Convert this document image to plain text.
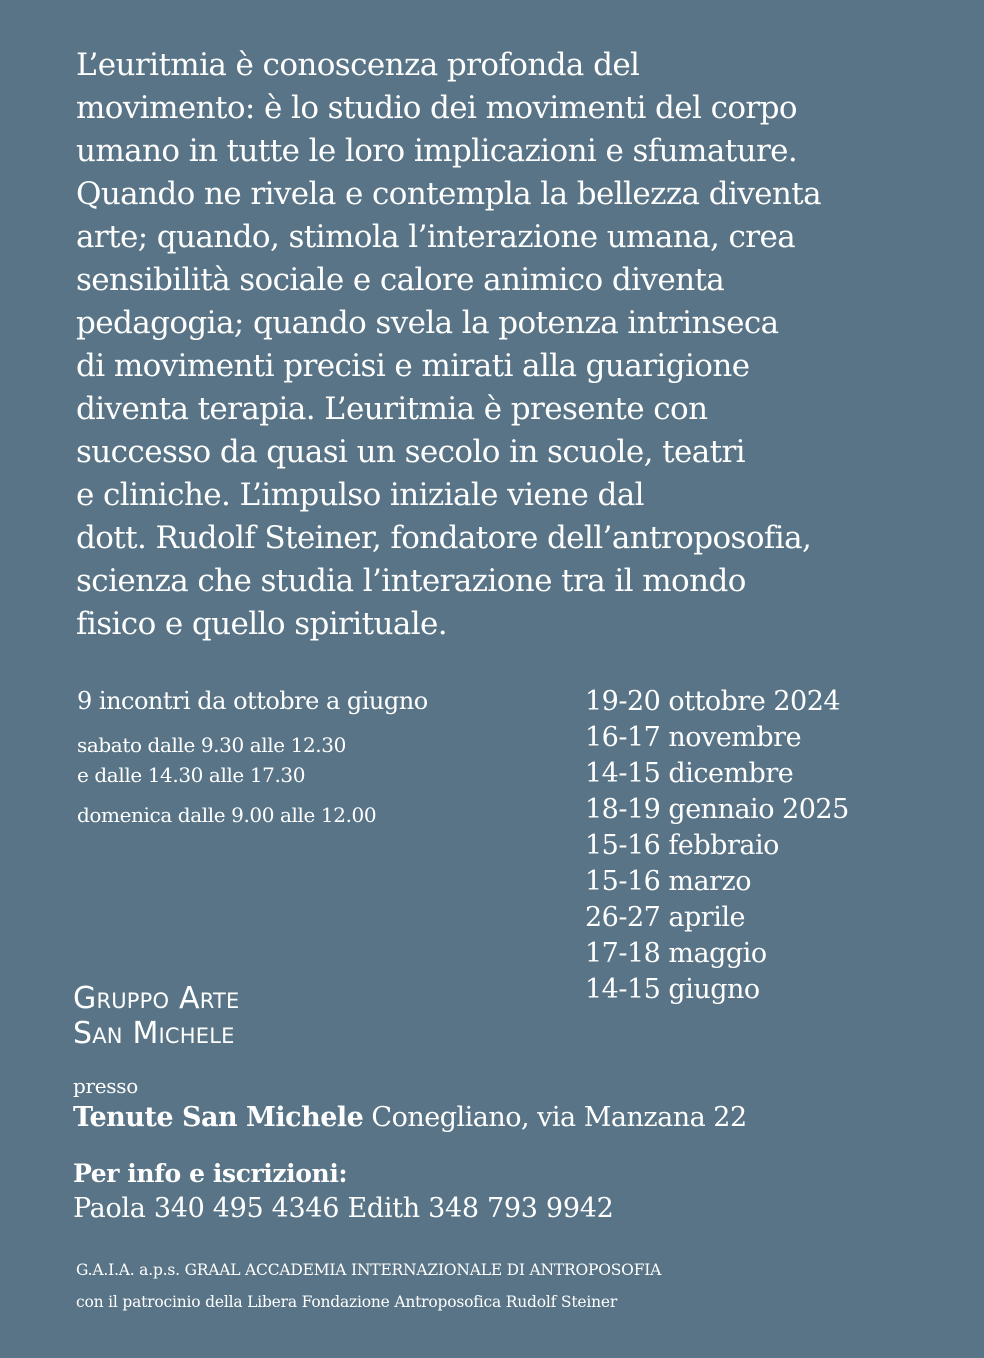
L’euritmia è conoscenza profonda del
movimento: è lo studio dei movimenti del corpo
umano in tutte le loro implicazioni e sfumature.
Quando ne rivela e contempla la bellezza diventa
arte; quando, stimola l’interazione umana, crea
sensibilità sociale e calore animico diventa
pedagogia; quando svela la potenza intrinseca
di movimenti precisi e mirati alla guarigione
diventa terapia. L’euritmia è presente con
successo da quasi un secolo in scuole, teatri
e cliniche. L’impulso iniziale viene dal
dott. Rudolf Steiner, fondatore dell’antroposofia,
scienza che studia l’interazione tra il mondo
fisico e quello spirituale.

9 incontri da ottobre a giugno
sabato dalle 9.30 alle 12.30
e dalle 14.30 alle 17.30
domenica dalle 9.00 alle 12.00
19-20 ottobre 2024
16-17 novembre
14-15 dicembre
18-19 gennaio 2025
15-16 febbraio
15-16 marzo
26-27 aprile
17-18 maggio
14-15 giugno
Gruppo Arte
San Michele
presso
Tenute San Michele Conegliano, via Manzana 22
Per info e iscrizioni:
Paola 340 495 4346 Edith 348 793 9942
G.A.I.A. a.p.s. GRAAL ACCADEMIA INTERNAZIONALE DI ANTROPOSOFIA
con il patrocinio della Libera Fondazione Antroposofica Rudolf Steiner
